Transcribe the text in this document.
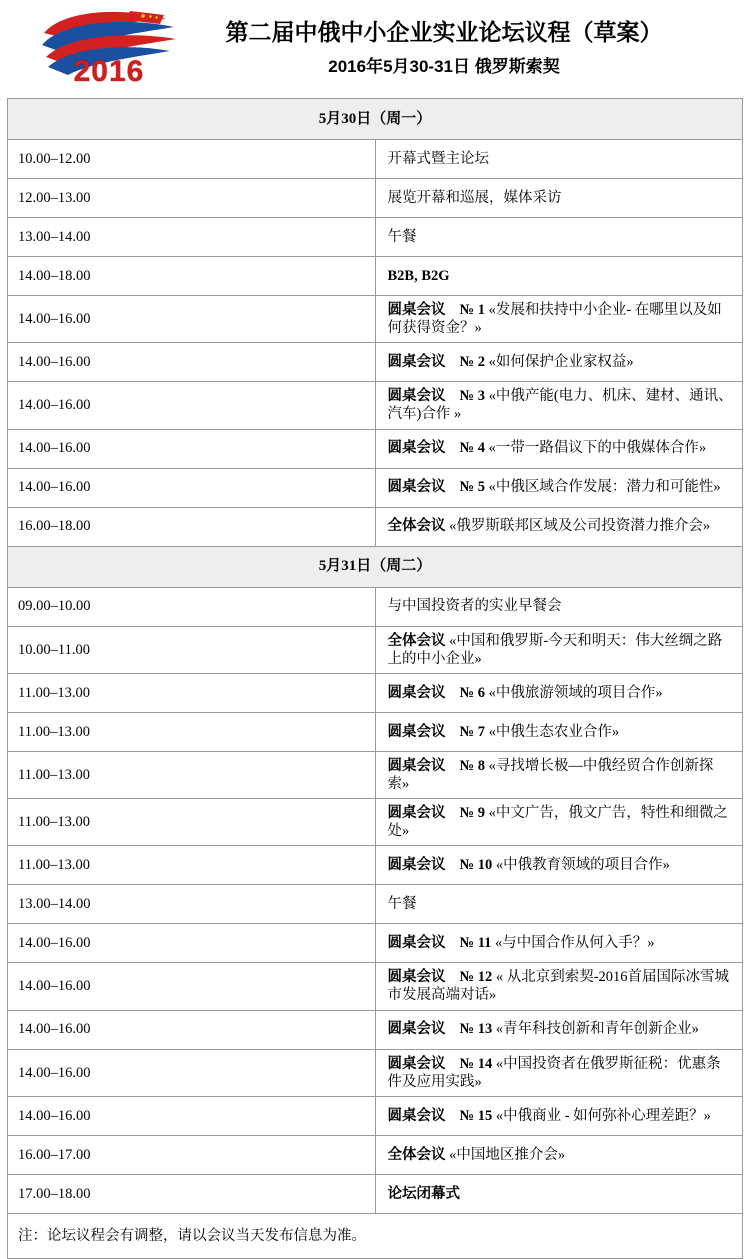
2016
第二届中俄中小企业实业论坛议程（草案）
2016年5月30-31日 俄罗斯索契
5月30日（周一）	
10.00–12.00	开幕式暨主论坛
12.00–13.00	展览开幕和巡展，媒体采访
13.00–14.00	午餐
14.00–18.00	B2B, B2G
14.00–16.00	圆桌会议 № 1 «发展和扶持中小企业- 在哪里以及如何获得资金？»
14.00–16.00	圆桌会议 № 2 «如何保护企业家权益»
14.00–16.00	圆桌会议 № 3 «中俄产能(电力、机床、建材、通讯、汽车)合作 »
14.00–16.00	圆桌会议 № 4 «一带一路倡议下的中俄媒体合作»
14.00–16.00	圆桌会议 № 5 «中俄区域合作发展：潜力和可能性»
16.00–18.00	全体会议 «俄罗斯联邦区域及公司投资潜力推介会»
5月31日（周二）	
09.00–10.00	与中国投资者的实业早餐会
10.00–11.00	全体会议 «中国和俄罗斯-今天和明天：伟大丝绸之路上的中小企业»
11.00–13.00	圆桌会议 № 6 «中俄旅游领域的项目合作»
11.00–13.00	圆桌会议 № 7 «中俄生态农业合作»
11.00–13.00	圆桌会议 № 8 «寻找增长极—中俄经贸合作创新探索»
11.00–13.00	圆桌会议 № 9 «中文广告，俄文广告，特性和细微之处»
11.00–13.00	圆桌会议 № 10 «中俄教育领域的项目合作»
13.00–14.00	午餐
14.00–16.00	圆桌会议 № 11 «与中国合作从何入手？»
14.00–16.00	圆桌会议 № 12 « 从北京到索契-2016首届国际冰雪城市发展高端对话»
14.00–16.00	圆桌会议 № 13 «青年科技创新和青年创新企业»
14.00–16.00	圆桌会议 № 14 «中国投资者在俄罗斯征税：优惠条件及应用实践»
14.00–16.00	圆桌会议 № 15 «中俄商业 - 如何弥补心理差距？»
16.00–17.00	全体会议 «中国地区推介会»
17.00–18.00	论坛闭幕式
注：论坛议程会有调整，请以会议当天发布信息为准。	
